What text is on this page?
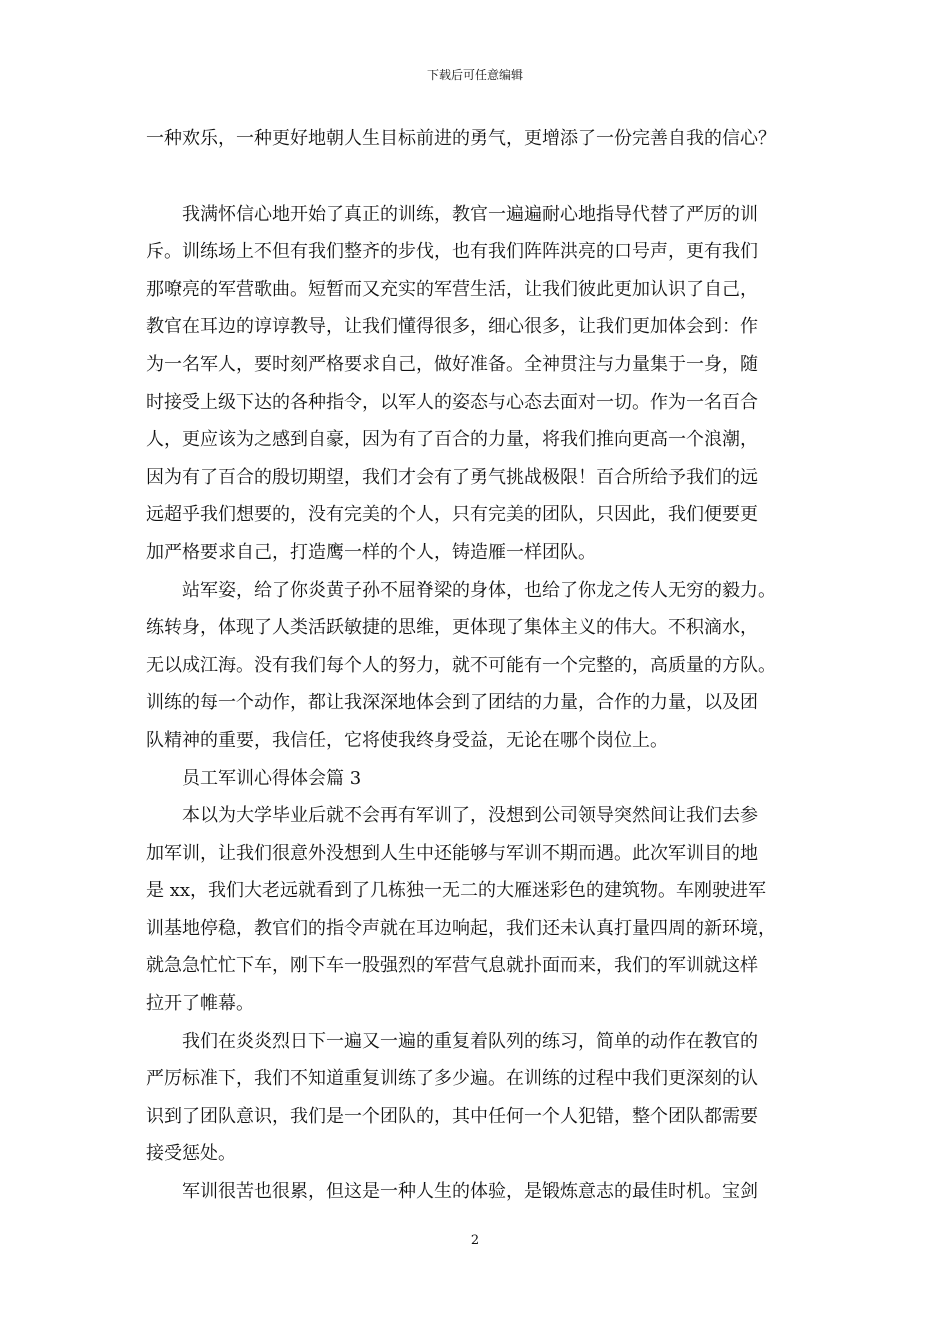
下载后可任意编辑
一种欢乐，一种更好地朝人生目标前进的勇气，更增添了一份完善自我的信心？
　　我满怀信心地开始了真正的训练，教官一遍遍耐心地指导代替了严厉的训
斥。训练场上不但有我们整齐的步伐，也有我们阵阵洪亮的口号声，更有我们
那嘹亮的军营歌曲。短暂而又充实的军营生活，让我们彼此更加认识了自己，
教官在耳边的谆谆教导，让我们懂得很多，细心很多，让我们更加体会到：作
为一名军人，要时刻严格要求自己，做好准备。全神贯注与力量集于一身，随
时接受上级下达的各种指令，以军人的姿态与心态去面对一切。作为一名百合
人，更应该为之感到自豪，因为有了百合的力量，将我们推向更高一个浪潮，
因为有了百合的殷切期望，我们才会有了勇气挑战极限！百合所给予我们的远
远超乎我们想要的，没有完美的个人，只有完美的团队，只因此，我们便要更
加严格要求自己，打造鹰一样的个人，铸造雁一样团队。
　　站军姿，给了你炎黄子孙不屈脊梁的身体，也给了你龙之传人无穷的毅力。
练转身，体现了人类活跃敏捷的思维，更体现了集体主义的伟大。不积滴水，
无以成江海。没有我们每个人的努力，就不可能有一个完整的，高质量的方队。
训练的每一个动作，都让我深深地体会到了团结的力量，合作的力量，以及团
队精神的重要，我信任，它将使我终身受益，无论在哪个岗位上。
　　员工军训心得体会篇 3
　　本以为大学毕业后就不会再有军训了，没想到公司领导突然间让我们去参
加军训，让我们很意外没想到人生中还能够与军训不期而遇。此次军训目的地
是 xx，我们大老远就看到了几栋独一无二的大雁迷彩色的建筑物。车刚驶进军
训基地停稳，教官们的指令声就在耳边响起，我们还未认真打量四周的新环境，
就急急忙忙下车，刚下车一股强烈的军营气息就扑面而来，我们的军训就这样
拉开了帷幕。
　　我们在炎炎烈日下一遍又一遍的重复着队列的练习，简单的动作在教官的
严厉标准下，我们不知道重复训练了多少遍。在训练的过程中我们更深刻的认
识到了团队意识，我们是一个团队的，其中任何一个人犯错，整个团队都需要
接受惩处。
　　军训很苦也很累，但这是一种人生的体验，是锻炼意志的最佳时机。宝剑
2
